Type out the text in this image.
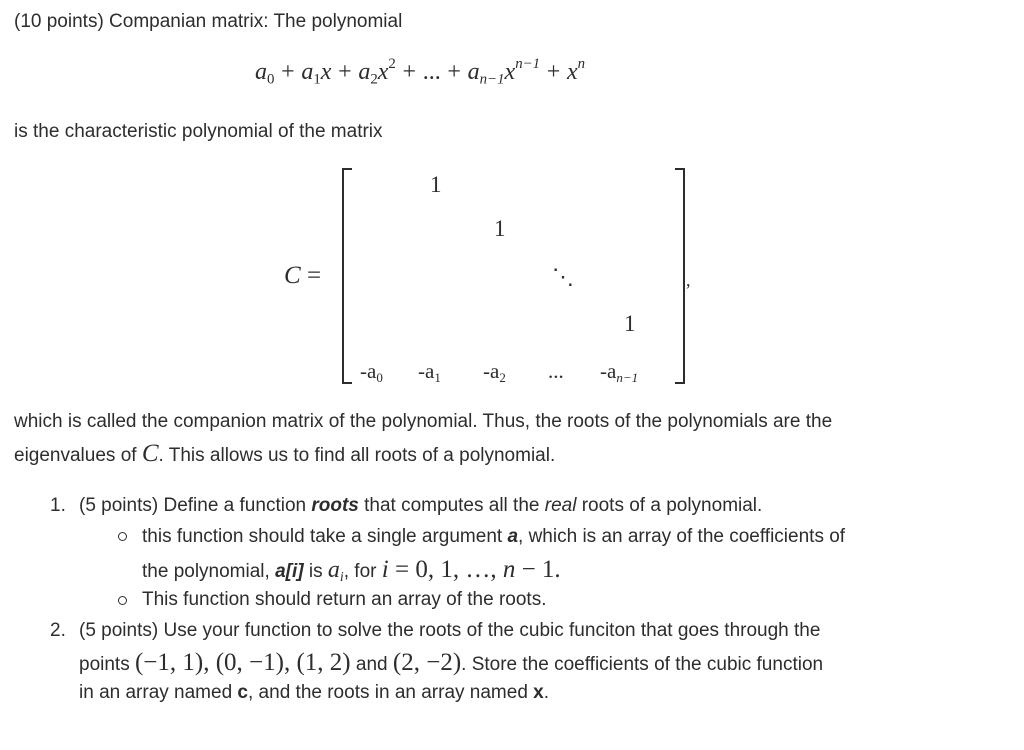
(10 points) Companian matrix: The polynomial
$a_0 + a_1x + a_2x^2$ + ... + $a_{n-1}x^{n-1} + x^n$
is the characteristic polynomial of the matrix
C =
1
1
⋱	,
1
$-a_0$ $-a_1$ $-a_2$ ... $-a_{n-1}$
which is called the companion matrix of the polynomial. Thus, the roots of the polynomials are the
eigenvalues of C. This allows us to find all roots of a polynomial.
1. (5 points) Define a function roots that computes all the real roots of a polynomial.
this function should take a single argument a, which is an array of the coefficients of
the polynomial, a[i] is $a_i$, for i = 0, 1, …, n − 1.
This function should return an array of the roots.
2. (5 points) Use your function to solve the roots of the cubic funciton that goes through the
points (−1, 1), (0, −1), (1, 2) and (2, −2). Store the coefficients of the cubic function
in an array named c, and the roots in an array named x.
